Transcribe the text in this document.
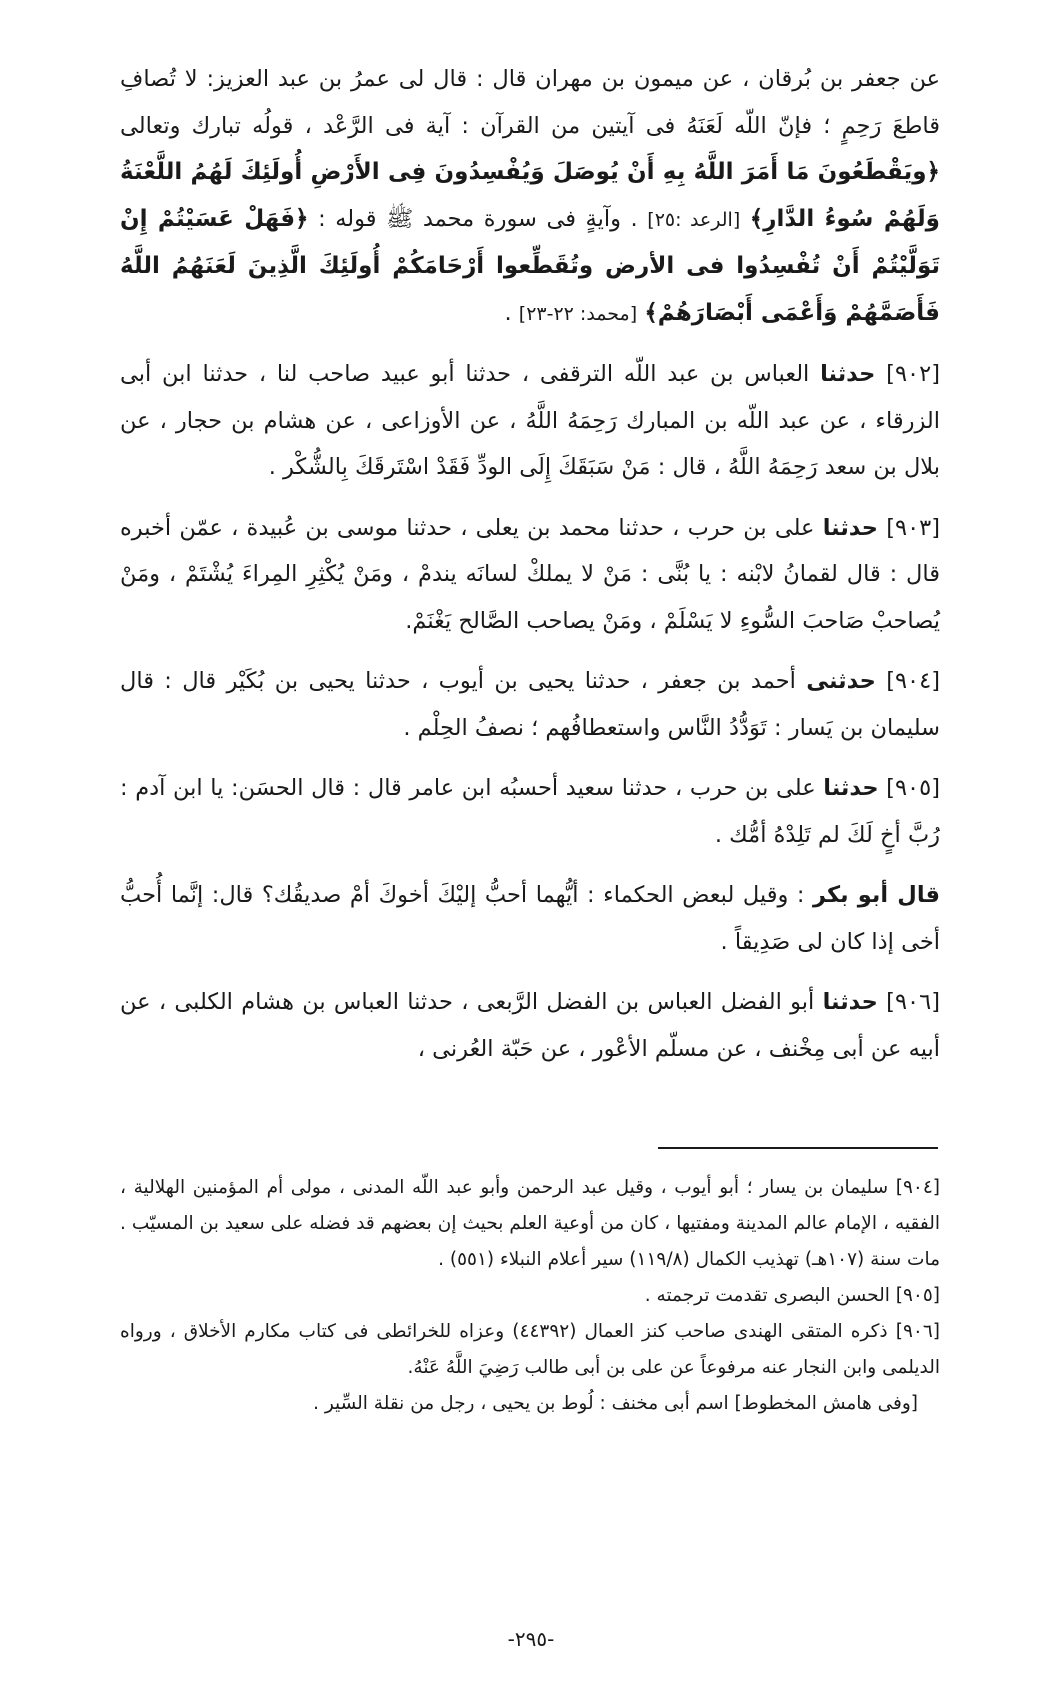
عن جعفر بن بُرقان ، عن ميمون بن مهران قال : قال لى عمرُ بن عبد العزيز: لا تُصافِ قاطعَ رَحِمٍ ؛ فإنّ اللّه لَعَنَهُ فى آيتين من القرآن : آية فى الرَّعْد ، قولُه تبارك وتعالى ﴿ويَقْطَعُونَ مَا أَمَرَ اللَّهُ بِهِ أَنْ يُوصَلَ وَيُفْسِدُونَ فِى الأَرْضِ أُولَئِكَ لَهُمُ اللَّعْنَةُ وَلَهُمْ سُوءُ الدَّارِ﴾ [الرعد :٢٥] . وآيةٍ فى سورة محمد ﷺ قوله : ﴿فَهَلْ عَسَيْتُمْ إِنْ تَوَلَّيْتُمْ أَنْ تُفْسِدُوا فى الأرض وتُقَطِّعوا أَرْحَامَكُمْ أُولَئِكَ الَّذِينَ لَعَنَهُمُ اللَّهُ فَأَصَمَّهُمْ وَأَعْمَى أَبْصَارَهُمْ﴾ [محمد: ٢٢-٢٣] .

[٩٠٢] حدثنا العباس بن عبد اللّه الترقفى ، حدثنا أبو عبيد صاحب لنا ، حدثنا ابن أبى الزرقاء ، عن عبد اللّه بن المبارك رَحِمَهُ اللَّهُ ، عن الأوزاعى ، عن هشام بن حجار ، عن بلال بن سعد رَحِمَهُ اللَّهُ ، قال : مَنْ سَبَقَكَ إِلَى الودِّ فَقَدْ اسْتَرقَكَ بِالشُّكْر .

[٩٠٣] حدثنا على بن حرب ، حدثنا محمد بن يعلى ، حدثنا موسى بن عُبيدة ، عمّن أخبره قال : قال لقمانُ لابْنه : يا بُنَّى : مَنْ لا يملكْ لسانَه يندمْ ، ومَنْ يُكْثِرِ المِراءَ يُشْتَمْ ، ومَنْ يُصاحبْ صَاحبَ السُّوءِ لا يَسْلَمْ ، ومَنْ يصاحب الصَّالح يَغْنَمْ.

[٩٠٤] حدثنى أحمد بن جعفر ، حدثنا يحيى بن أيوب ، حدثنا يحيى بن بُكَيْر قال : قال سليمان بن يَسار : تَوَدُّدُ النَّاس واستعطافُهم ؛ نصفُ الحِلْم .

[٩٠٥] حدثنا على بن حرب ، حدثنا سعيد أحسبُه ابن عامر قال : قال الحسَن: يا ابن آدم : رُبَّ أخٍ لَكَ لم تَلِدْهُ أمُّك .

قال أبو بكر : وقيل لبعض الحكماء : أيُّهما أحبُّ إليْكَ أخوكَ أمْ صديقُك؟ قال: إنَّما أُحبُّ أخى إذا كان لى صَدِيقاً .

[٩٠٦] حدثنا أبو الفضل العباس بن الفضل الرَّبعى ، حدثنا العباس بن هشام الكلبى ، عن أبيه عن أبى مِخْنف ، عن مسلّم الأعْور ، عن حَبّة العُرنى ،

[٩٠٤] سليمان بن يسار ؛ أبو أيوب ، وقيل عبد الرحمن وأبو عبد اللّه المدنى ، مولى أم المؤمنين الهلالية ، الفقيه ، الإمام عالم المدينة ومفتيها ، كان من أوعية العلم بحيث إن بعضهم قد فضله على سعيد بن المسيّب . مات سنة (١٠٧هـ) تهذيب الكمال (١١٩/٨) سير أعلام النبلاء (٥٥١) .

[٩٠٥] الحسن البصرى تقدمت ترجمته .

[٩٠٦] ذكره المتقى الهندى صاحب كنز العمال (٤٤٣٩٢) وعزاه للخرائطى فى كتاب مكارم الأخلاق ، ورواه الديلمى وابن النجار عنه مرفوعاً عن على بن أبى طالب رَضِيَ اللَّهُ عَنْهُ.
[وفى هامش المخطوط] اسم أبى مخنف : لُوط بن يحيى ، رجل من نقلة السِّير .

-٢٩٥-
